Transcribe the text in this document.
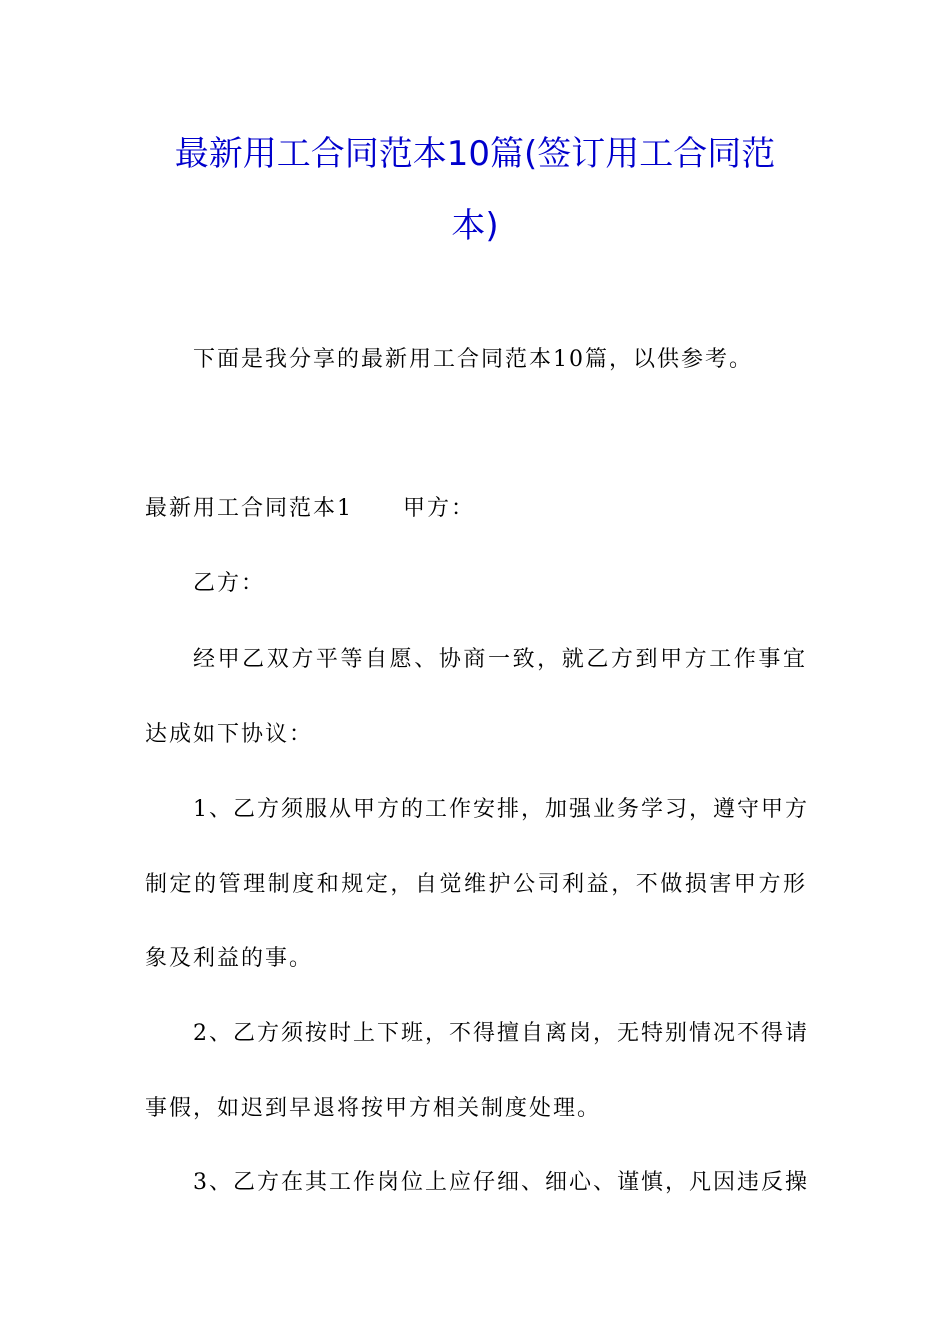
最新用工合同范本10篇(签订用工合同范
本)
下面是我分享的最新用工合同范本10篇，以供参考。
最新用工合同范本1 甲方：
乙方：
经甲乙双方平等自愿、协商一致，就乙方到甲方工作事宜
达成如下协议：
1、乙方须服从甲方的工作安排，加强业务学习，遵守甲方
制定的管理制度和规定，自觉维护公司利益，不做损害甲方形
象及利益的事。
2、乙方须按时上下班，不得擅自离岗，无特别情况不得请
事假，如迟到早退将按甲方相关制度处理。
3、乙方在其工作岗位上应仔细、细心、谨慎，凡因违反操
